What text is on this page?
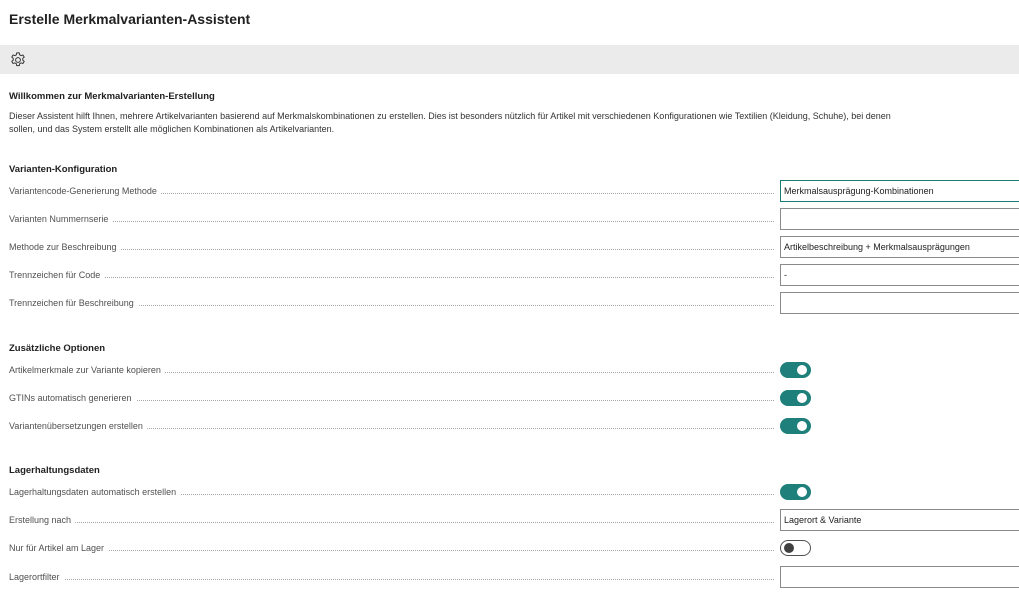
Erstelle Merkmalvarianten-Assistent
Willkommen zur Merkmalvarianten-Erstellung
Dieser Assistent hilft Ihnen, mehrere Artikelvarianten basierend auf Merkmalskombinationen zu erstellen. Dies ist besonders nützlich für Artikel mit verschiedenen Konfigurationen wie Textilien (Kleidung, Schuhe), bei denen
sollen, und das System erstellt alle möglichen Kombinationen als Artikelvarianten.
Varianten-Konfiguration
Variantencode-Generierung Methode	Merkmalsausprägung-Kombinationen
Varianten Nummernserie
Methode zur Beschreibung	Artikelbeschreibung + Merkmalsausprägungen
Trennzeichen für Code	-
Trennzeichen für Beschreibung
Zusätzliche Optionen
Artikelmerkmale zur Variante kopieren
GTINs automatisch generieren
Variantenübersetzungen erstellen
Lagerhaltungsdaten
Lagerhaltungsdaten automatisch erstellen
Erstellung nach	Lagerort & Variante
Nur für Artikel am Lager
Lagerortfilter
